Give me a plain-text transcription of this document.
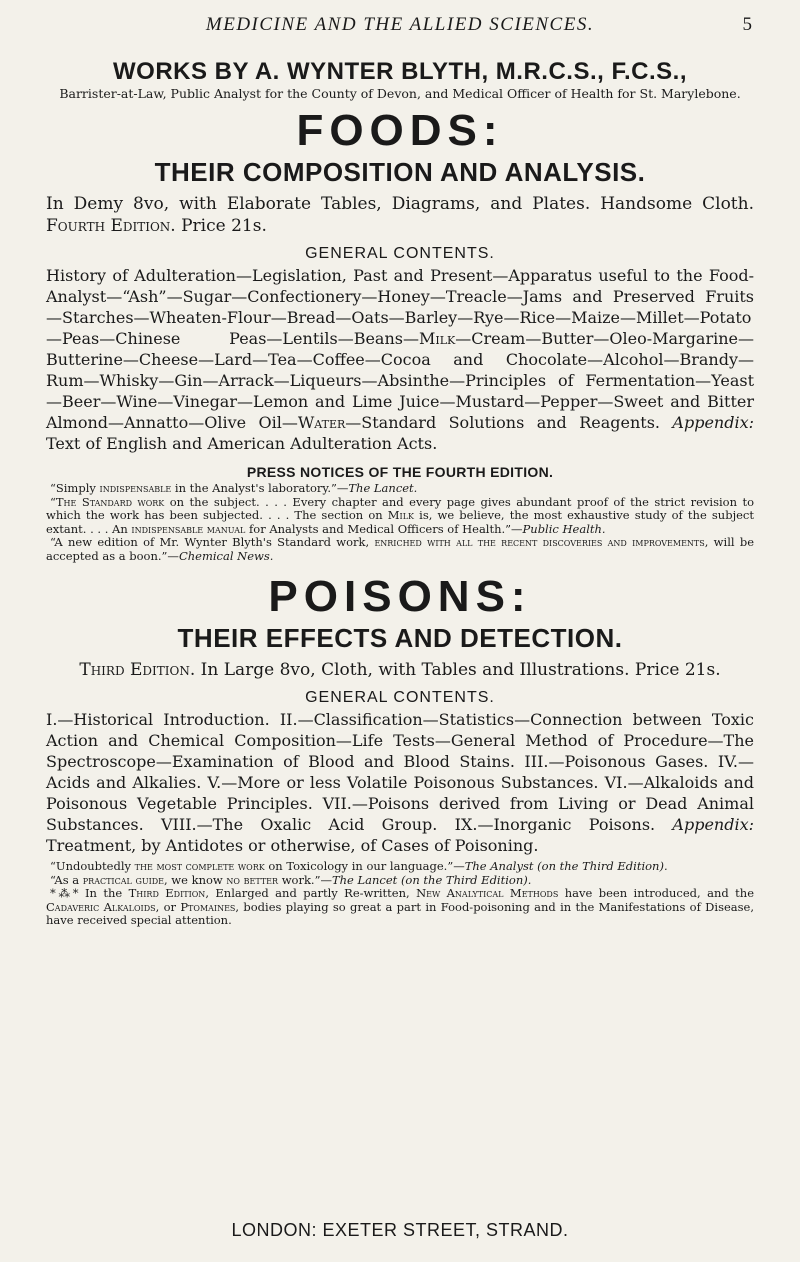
MEDICINE AND THE ALLIED SCIENCES.	5

WORKS BY A. WYNTER BLYTH, M.R.C.S., F.C.S.,

Barrister-at-Law, Public Analyst for the County of Devon, and Medical Officer of Health for St. Marylebone.

FOODS:

THEIR COMPOSITION AND ANALYSIS.

In Demy 8vo, with Elaborate Tables, Diagrams, and Plates. Handsome Cloth. Fourth Edition. Price 21s.

GENERAL CONTENTS.

History of Adulteration—Legislation, Past and Present—Apparatus useful to the Food-Analyst—“Ash”—Sugar—Confectionery—Honey—Treacle—Jams and Preserved Fruits—Starches—Wheaten-Flour—Bread—Oats—Barley—Rye—Rice—Maize—Millet—Potato—Peas—Chinese Peas—Lentils—Beans—Milk—Cream—Butter—Oleo-Margarine—Butterine—Cheese—Lard—Tea—Coffee—Cocoa and Chocolate—Alcohol—Brandy—Rum—Whisky—Gin—Arrack—Liqueurs—Absinthe—Principles of Fermentation—Yeast—Beer—Wine—Vinegar—Lemon and Lime Juice—Mustard—Pepper—Sweet and Bitter Almond—Annatto—Olive Oil—Water—Standard Solutions and Reagents. Appendix: Text of English and American Adulteration Acts.

PRESS NOTICES OF THE FOURTH EDITION.

“Simply indispensable in the Analyst's laboratory.”—The Lancet.

“The Standard work on the subject. . . . Every chapter and every page gives abundant proof of the strict revision to which the work has been subjected. . . . The section on Milk is, we believe, the most exhaustive study of the subject extant. . . . An indispensable manual for Analysts and Medical Officers of Health.”—Public Health.

“A new edition of Mr. Wynter Blyth's Standard work, enriched with all the recent discoveries and improvements, will be accepted as a boon.”—Chemical News.

POISONS:

THEIR EFFECTS AND DETECTION.

Third Edition. In Large 8vo, Cloth, with Tables and Illustrations. Price 21s.

GENERAL CONTENTS.

I.—Historical Introduction. II.—Classification—Statistics—Connection between Toxic Action and Chemical Composition—Life Tests—General Method of Procedure—The Spectroscope—Examination of Blood and Blood Stains. III.—Poisonous Gases. IV.—Acids and Alkalies. V.—More or less Volatile Poisonous Substances. VI.—Alkaloids and Poisonous Vegetable Principles. VII.—Poisons derived from Living or Dead Animal Substances. VIII.—The Oxalic Acid Group. IX.—Inorganic Poisons. Appendix: Treatment, by Antidotes or otherwise, of Cases of Poisoning.

“Undoubtedly the most complete work on Toxicology in our language.”—The Analyst (on the Third Edition).

“As a practical guide, we know no better work.”—The Lancet (on the Third Edition).

*⁂* In the Third Edition, Enlarged and partly Re-written, New Analytical Methods have been introduced, and the Cadaveric Alkaloids, or Ptomaines, bodies playing so great a part in Food-poisoning and in the Manifestations of Disease, have received special attention.

LONDON: EXETER STREET, STRAND.
